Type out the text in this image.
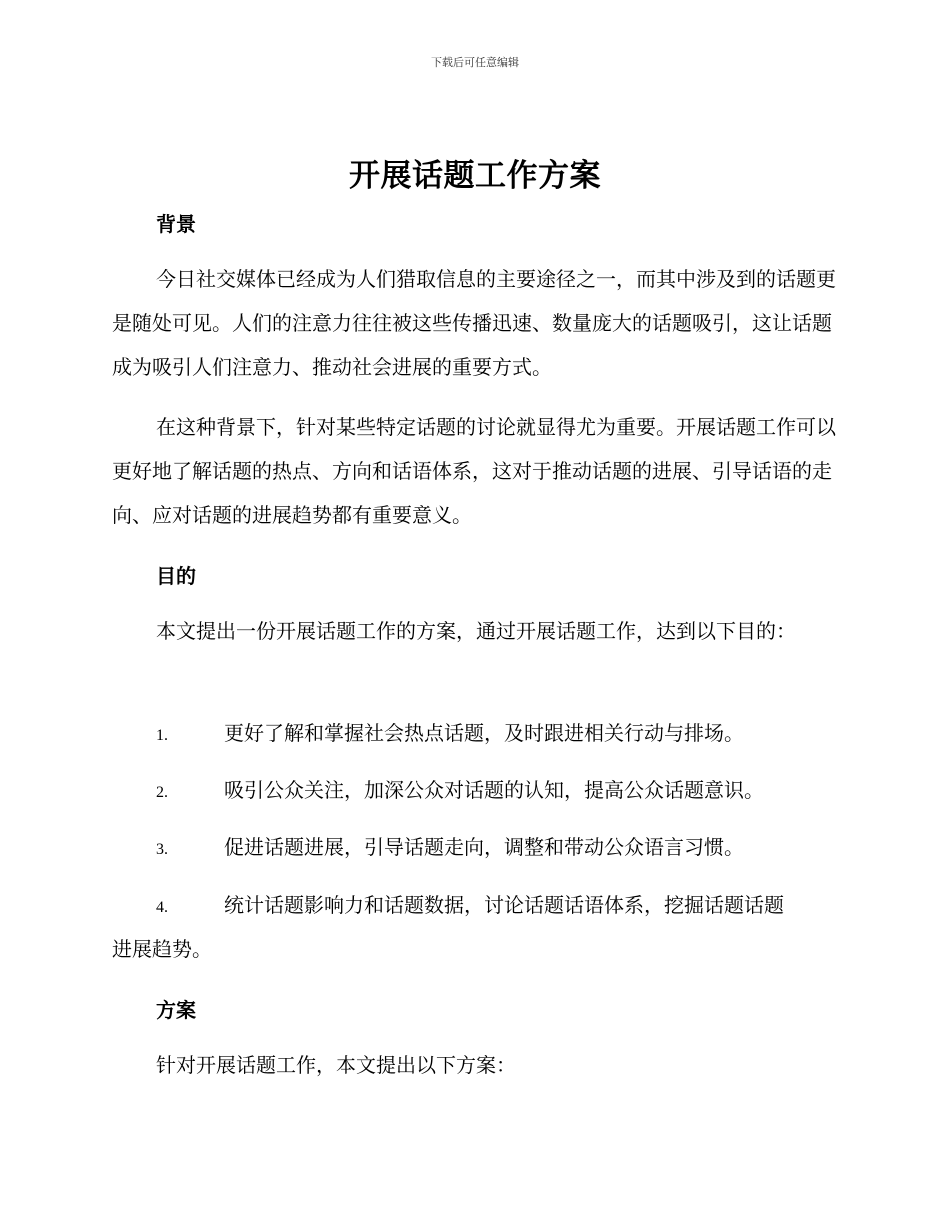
下载后可任意编辑
开展话题工作方案
背景

今日社交媒体已经成为人们猎取信息的主要途径之一，而其中涉及到的话题更是随处可见。人们的注意力往往被这些传播迅速、数量庞大的话题吸引，这让话题成为吸引人们注意力、推动社会进展的重要方式。

在这种背景下，针对某些特定话题的讨论就显得尤为重要。开展话题工作可以更好地了解话题的热点、方向和话语体系，这对于推动话题的进展、引导话语的走向、应对话题的进展趋势都有重要意义。

目的

本文提出一份开展话题工作的方案，通过开展话题工作，达到以下目的：

1.	更好了解和掌握社会热点话题，及时跟进相关行动与排场。
2.	吸引公众关注，加深公众对话题的认知，提高公众话题意识。
3.	促进话题进展，引导话题走向，调整和带动公众语言习惯。
4.	统计话题影响力和话题数据，讨论话题话语体系，挖掘话题话题
进展趋势。
方案

针对开展话题工作，本文提出以下方案：
